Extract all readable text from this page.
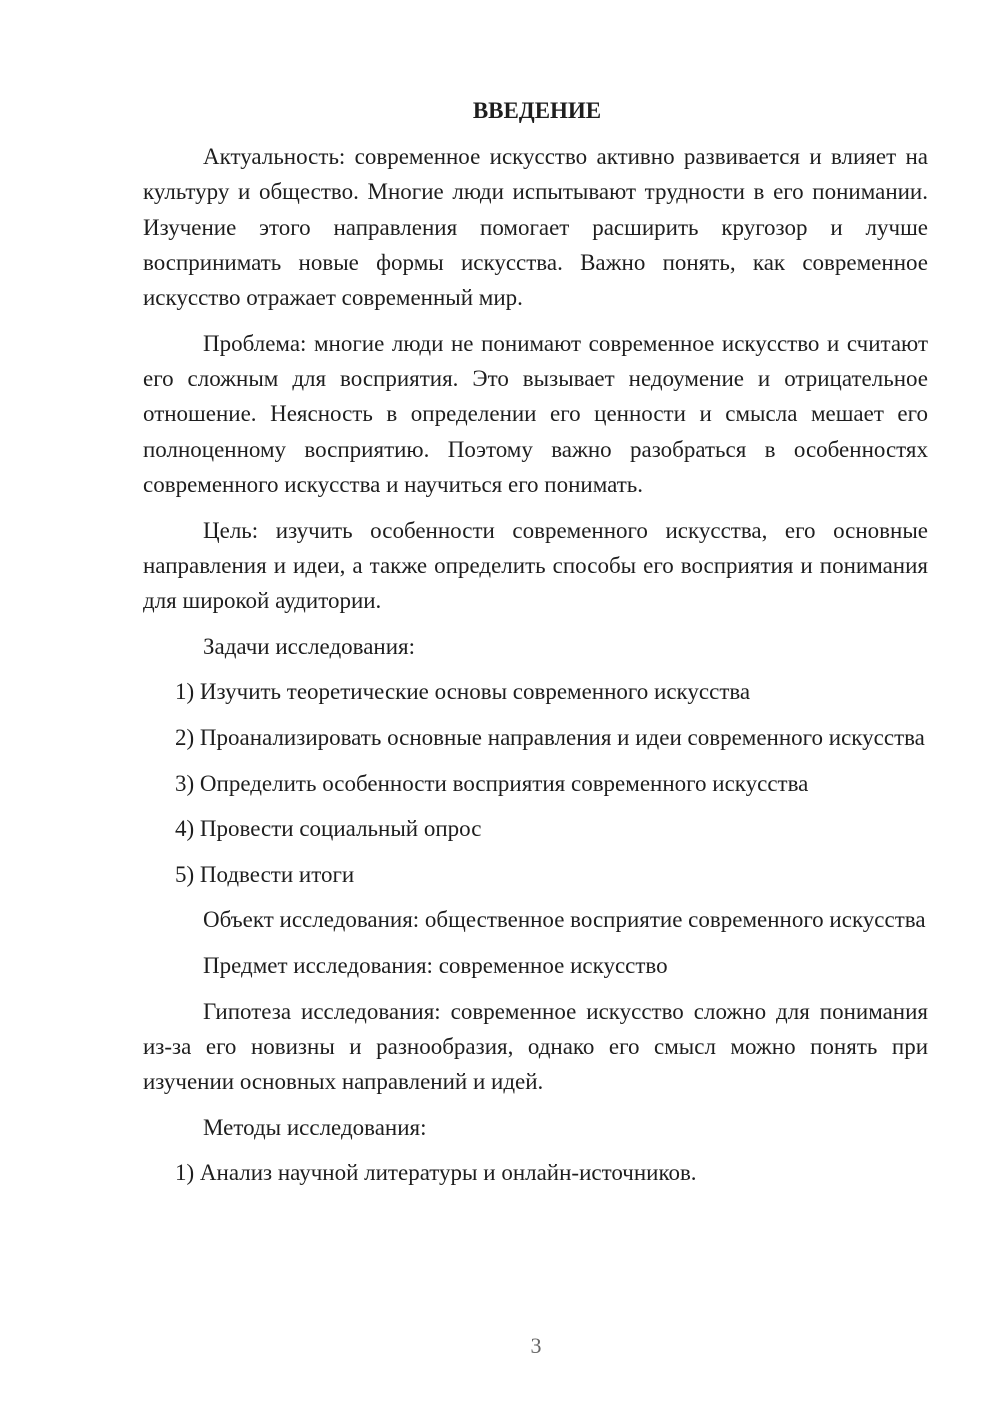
ВВЕДЕНИЕ

Актуальность: современное искусство активно развивается и влияет на культуру и общество. Многие люди испытывают трудности в его понимании. Изучение этого направления помогает расширить кругозор и лучше воспринимать новые формы искусства. Важно понять, как современное искусство отражает современный мир.

Проблема: многие люди не понимают современное искусство и считают его сложным для восприятия. Это вызывает недоумение и отрицательное отношение. Неясность в определении его ценности и смысла мешает его полноценному восприятию. Поэтому важно разобраться в особенностях современного искусства и научиться его понимать.

Цель: изучить особенности современного искусства, его основные направления и идеи, а также определить способы его восприятия и понимания для широкой аудитории.

Задачи исследования:

1) Изучить теоретические основы современного искусства

2) Проанализировать основные направления и идеи современного искусства

3) Определить особенности восприятия современного искусства

4) Провести социальный опрос

5) Подвести итоги

Объект исследования: общественное восприятие современного искусства

Предмет исследования: современное искусство

Гипотеза исследования: современное искусство сложно для понимания из-за его новизны и разнообразия, однако его смысл можно понять при изучении основных направлений и идей.

Методы исследования:

1) Анализ научной литературы и онлайн-источников.

3
